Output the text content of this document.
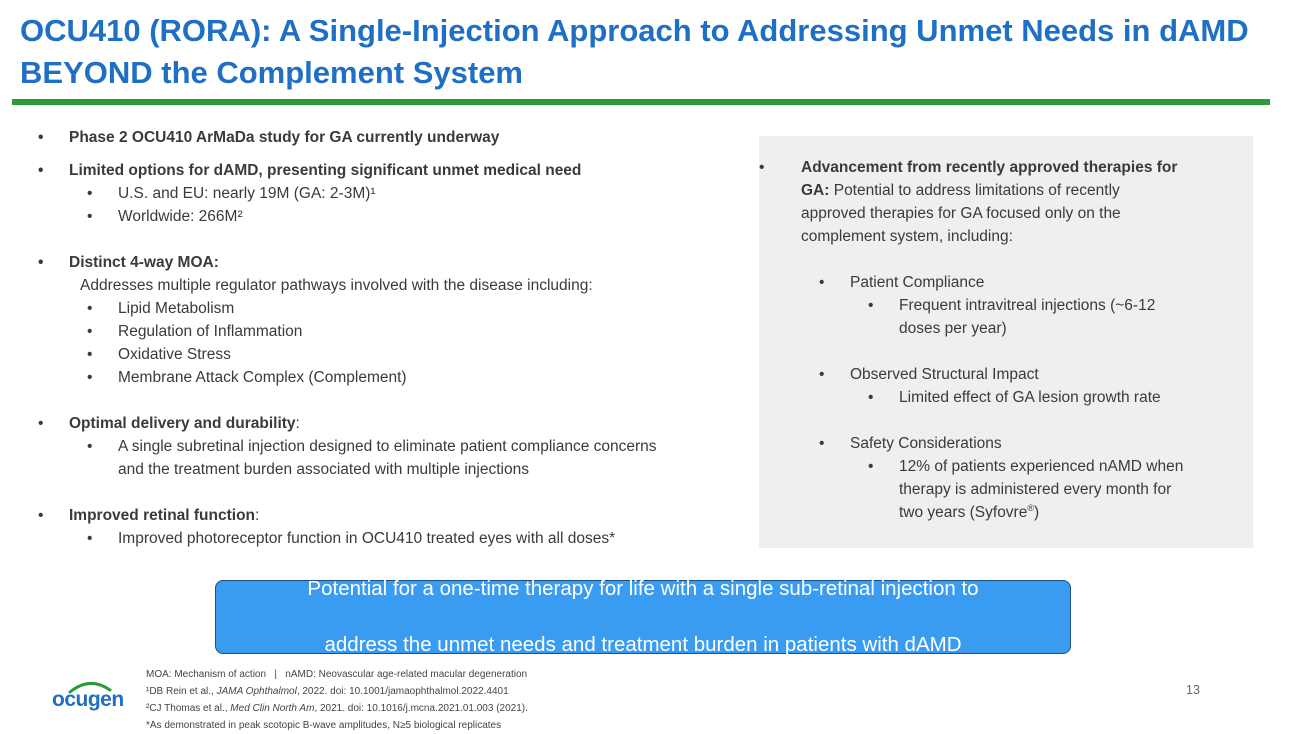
OCU410 (RORA): A Single-Injection Approach to Addressing Unmet Needs in dAMD BEYOND the Complement System
• Phase 2 OCU410 ArMaDa study for GA currently underway
• Limited options for dAMD, presenting significant unmet medical need
• U.S. and EU: nearly 19M (GA: 2-3M)¹
• Worldwide: 266M²
• Distinct 4-way MOA:
Addresses multiple regulator pathways involved with the disease including:
• Lipid Metabolism
• Regulation of Inflammation
• Oxidative Stress
• Membrane Attack Complex (Complement)
• Optimal delivery and durability:
• A single subretinal injection designed to eliminate patient compliance concerns
and the treatment burden associated with multiple injections
• Improved retinal function:
• Improved photoreceptor function in OCU410 treated eyes with all doses*
• Advancement from recently approved therapies for
GA: Potential to address limitations of recently
approved therapies for GA focused only on the
complement system, including:
• Patient Compliance
• Frequent intravitreal injections (~6-12
doses per year)
• Observed Structural Impact
• Limited effect of GA lesion growth rate
• Safety Considerations
• 12% of patients experienced nAMD when
therapy is administered every month for
two years (Syfovre®)
Potential for a one-time therapy for life with a single sub-retinal injection to

address the unmet needs and treatment burden in patients with dAMD
ocugen
MOA: Mechanism of action   |   nAMD: Neovascular age-related macular degeneration
¹DB Rein et al., JAMA Ophthalmol, 2022. doi: 10.1001/jamaophthalmol.2022.4401
²CJ Thomas et al., Med Clin North Am, 2021. doi: 10.1016/j.mcna.2021.01.003 (2021).
*As demonstrated in peak scotopic B-wave amplitudes, N≥5 biological replicates
13
